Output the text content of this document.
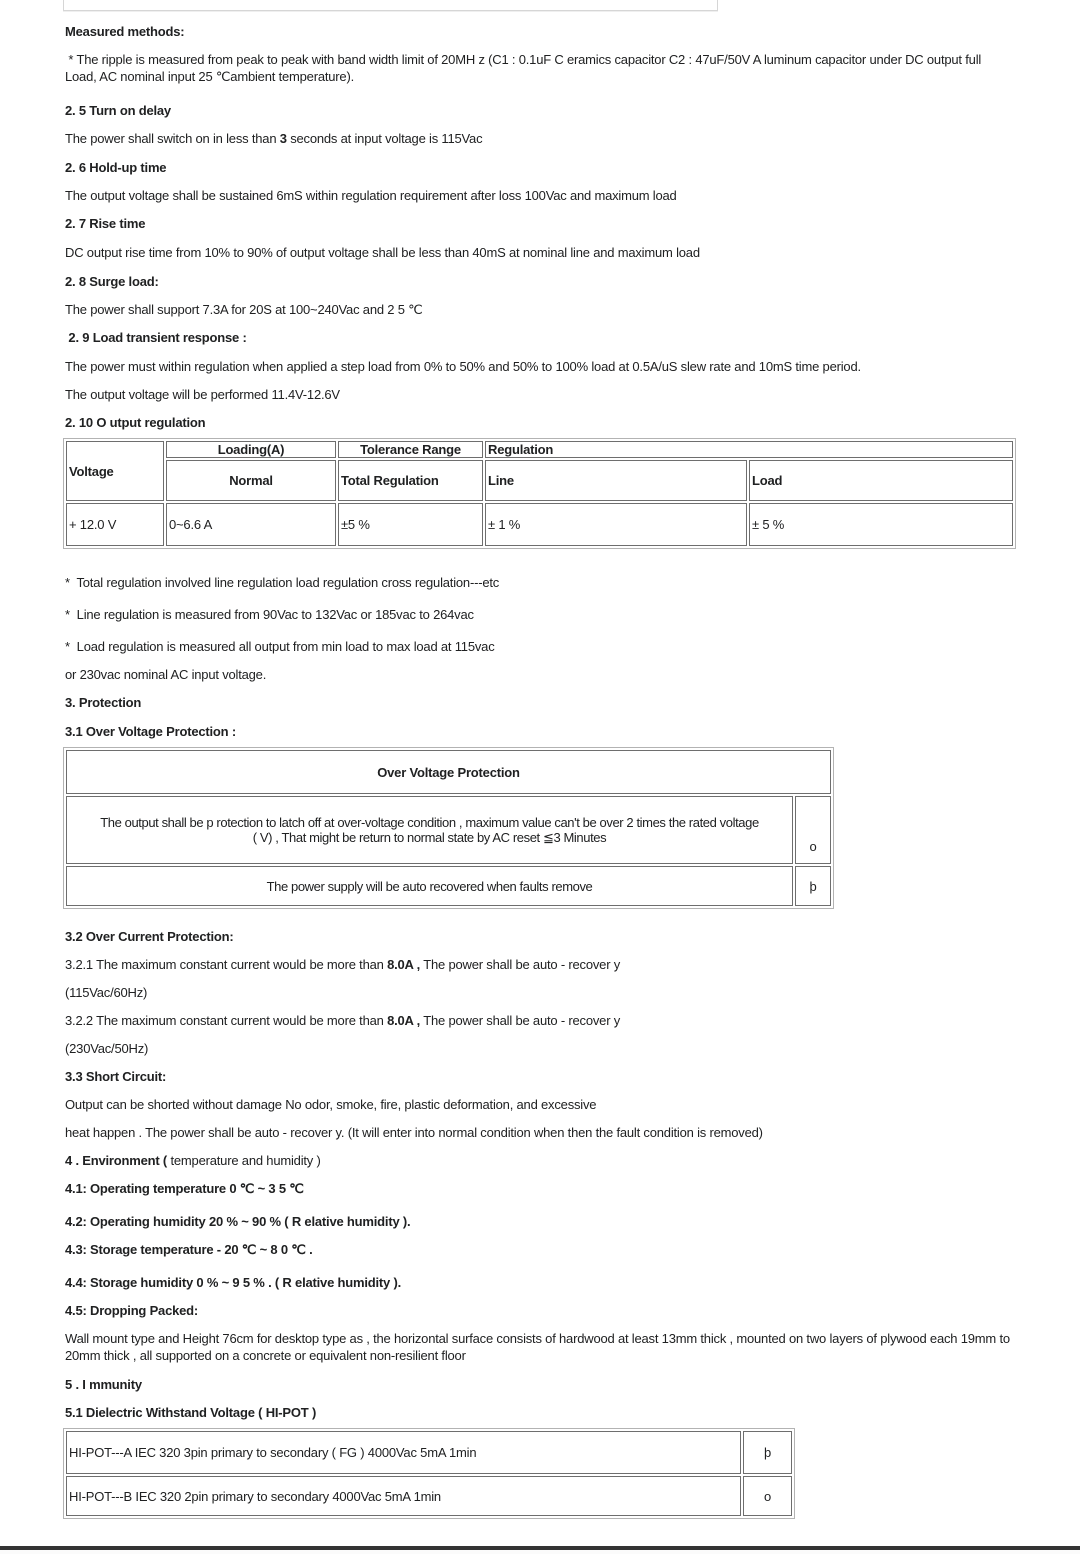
Measured methods:

* The ripple is measured from peak to peak with band width limit of 20MH z (C1 : 0.1uF C eramics capacitor C2 : 47uF/50V A luminum capacitor under DC output full Load, AC nominal input 25 ℃ambient temperature).

2. 5 Turn on delay

The power shall switch on in less than 3 seconds at input voltage is 115Vac

2. 6 Hold-up time

The output voltage shall be sustained 6mS within regulation requirement after loss 100Vac and maximum load

2. 7 Rise time

DC output rise time from 10% to 90% of output voltage shall be less than 40mS at nominal line and maximum load

2. 8 Surge load:

The power shall support 7.3A for 20S at 100~240Vac and 2 5 ℃

2. 9 Load transient response :

The power must within regulation when applied a step load from 0% to 50% and 50% to 100% load at 0.5A/uS slew rate and 10mS time period.

The output voltage will be performed 11.4V-12.6V

2. 10 O utput regulation

Voltage	Loading(A)	Tolerance Range	Regulation	
	Normal	Total Regulation	Line	Load
+ 12.0 V	0~6.6 A	±5 %	± 1 %	± 5 %

*  Total regulation involved line regulation load regulation cross regulation---etc

*  Line regulation is measured from 90Vac to 132Vac or 185vac to 264vac

*  Load regulation is measured all output from min load to max load at 115vac

or 230vac nominal AC input voltage.

3. Protection

3.1 Over Voltage Protection :

Over Voltage Protection	
The output shall be p rotection to latch off at over-voltage condition , maximum value can't be over 2 times the rated voltage
( V) , That might be return to normal state by AC reset ≦3 Minutes	o
The power supply will be auto recovered when faults remove	þ

3.2 Over Current Protection:

3.2.1 The maximum constant current would be more than 8.0A , The power shall be auto - recover y

(115Vac/60Hz)

3.2.2 The maximum constant current would be more than 8.0A , The power shall be auto - recover y

(230Vac/50Hz)

3.3 Short Circuit:

Output can be shorted without damage No odor, smoke, fire, plastic deformation, and excessive

heat happen . The power shall be auto - recover y. (It will enter into normal condition when then the fault condition is removed)

4 . Environment ( temperature and humidity )

4.1: Operating temperature 0 ℃ ~ 3 5 ℃

4.2: Operating humidity 20 % ~ 90 % ( R elative humidity ).

4.3: Storage temperature - 20 ℃ ~ 8 0 ℃ .

4.4: Storage humidity 0 % ~ 9 5 % . ( R elative humidity ).

4.5: Dropping Packed:

Wall mount type and Height 76cm for desktop type as , the horizontal surface consists of hardwood at least 13mm thick , mounted on two layers of plywood each 19mm to 20mm thick , all supported on a concrete or equivalent non-resilient floor

5 . I mmunity

5.1 Dielectric Withstand Voltage ( HI-POT )

HI-POT---A IEC 320 3pin primary to secondary ( FG ) 4000Vac 5mA 1min	þ
HI-POT---B IEC 320 2pin primary to secondary 4000Vac 5mA 1min	o
